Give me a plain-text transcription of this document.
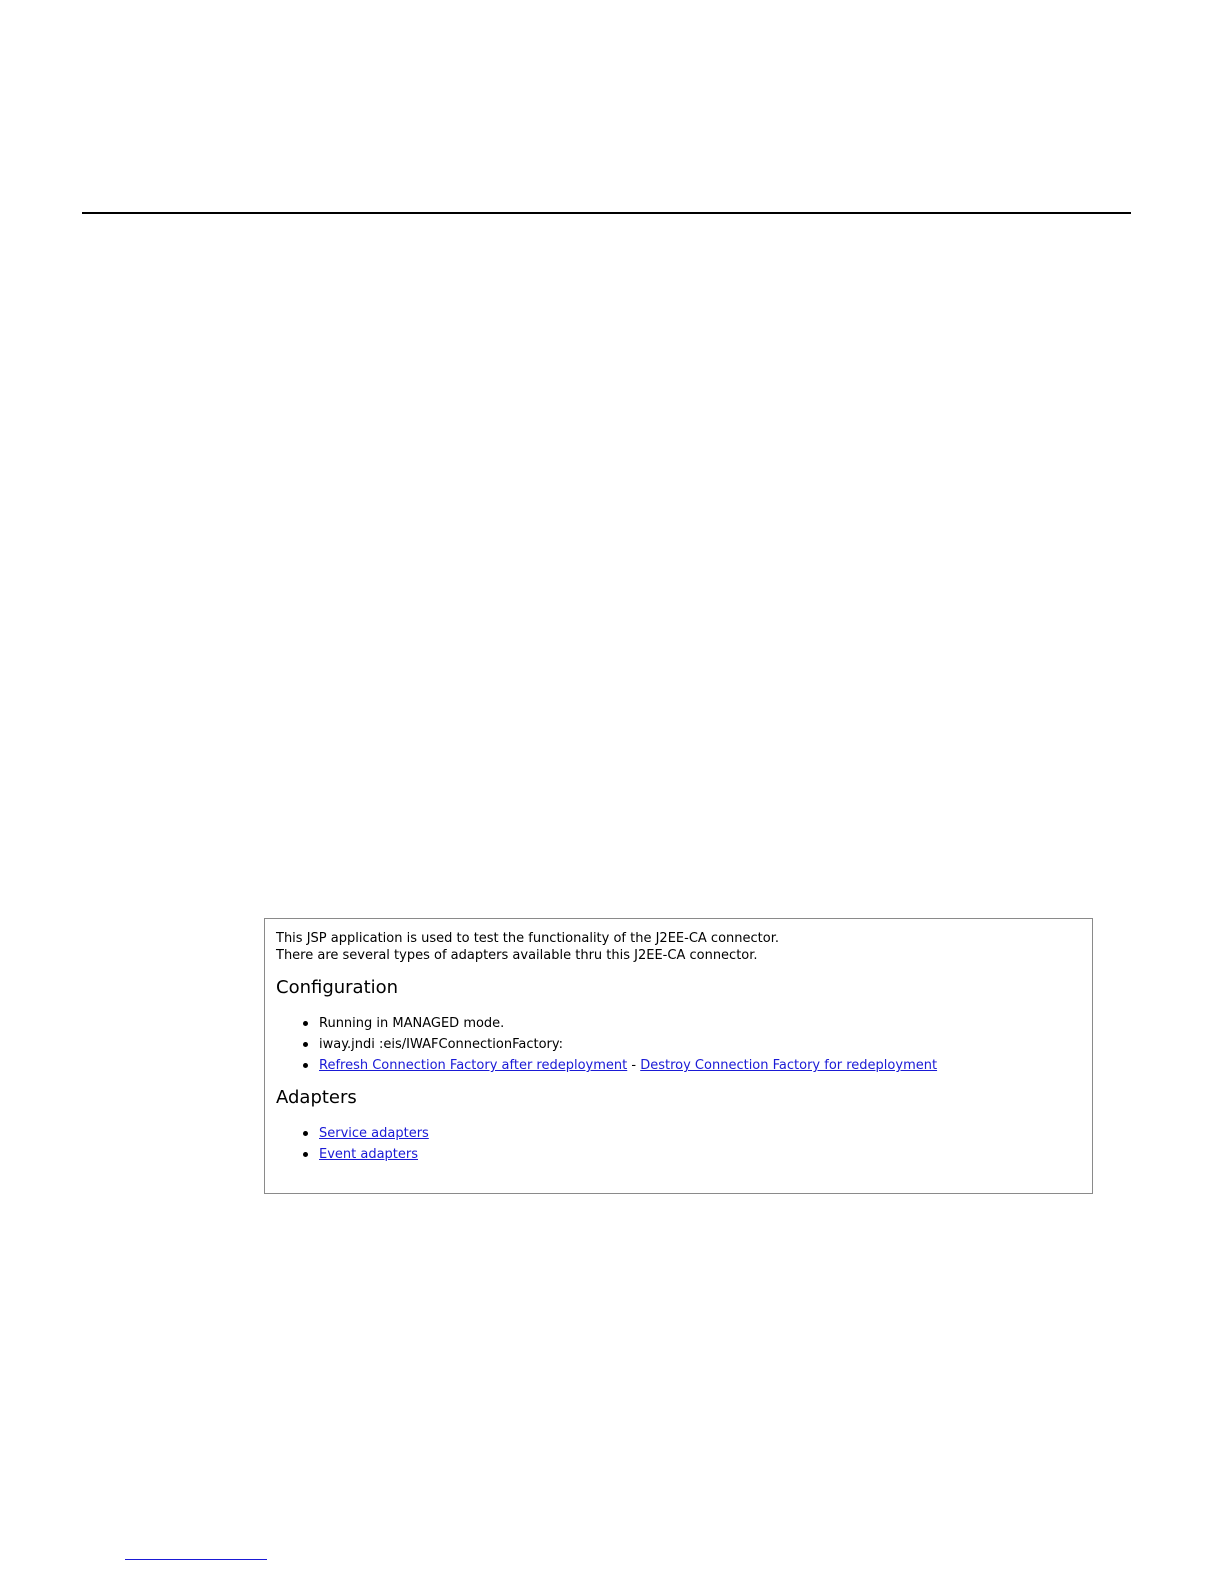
This JSP application is used to test the functionality of the J2EE-CA connector.
There are several types of adapters available thru this J2EE-CA connector.
Configuration
Running in MANAGED mode.
iway.jndi :eis/IWAFConnectionFactory:
Refresh Connection Factory after redeployment - Destroy Connection Factory for redeployment
Adapters
Service adapters
Event adapters
